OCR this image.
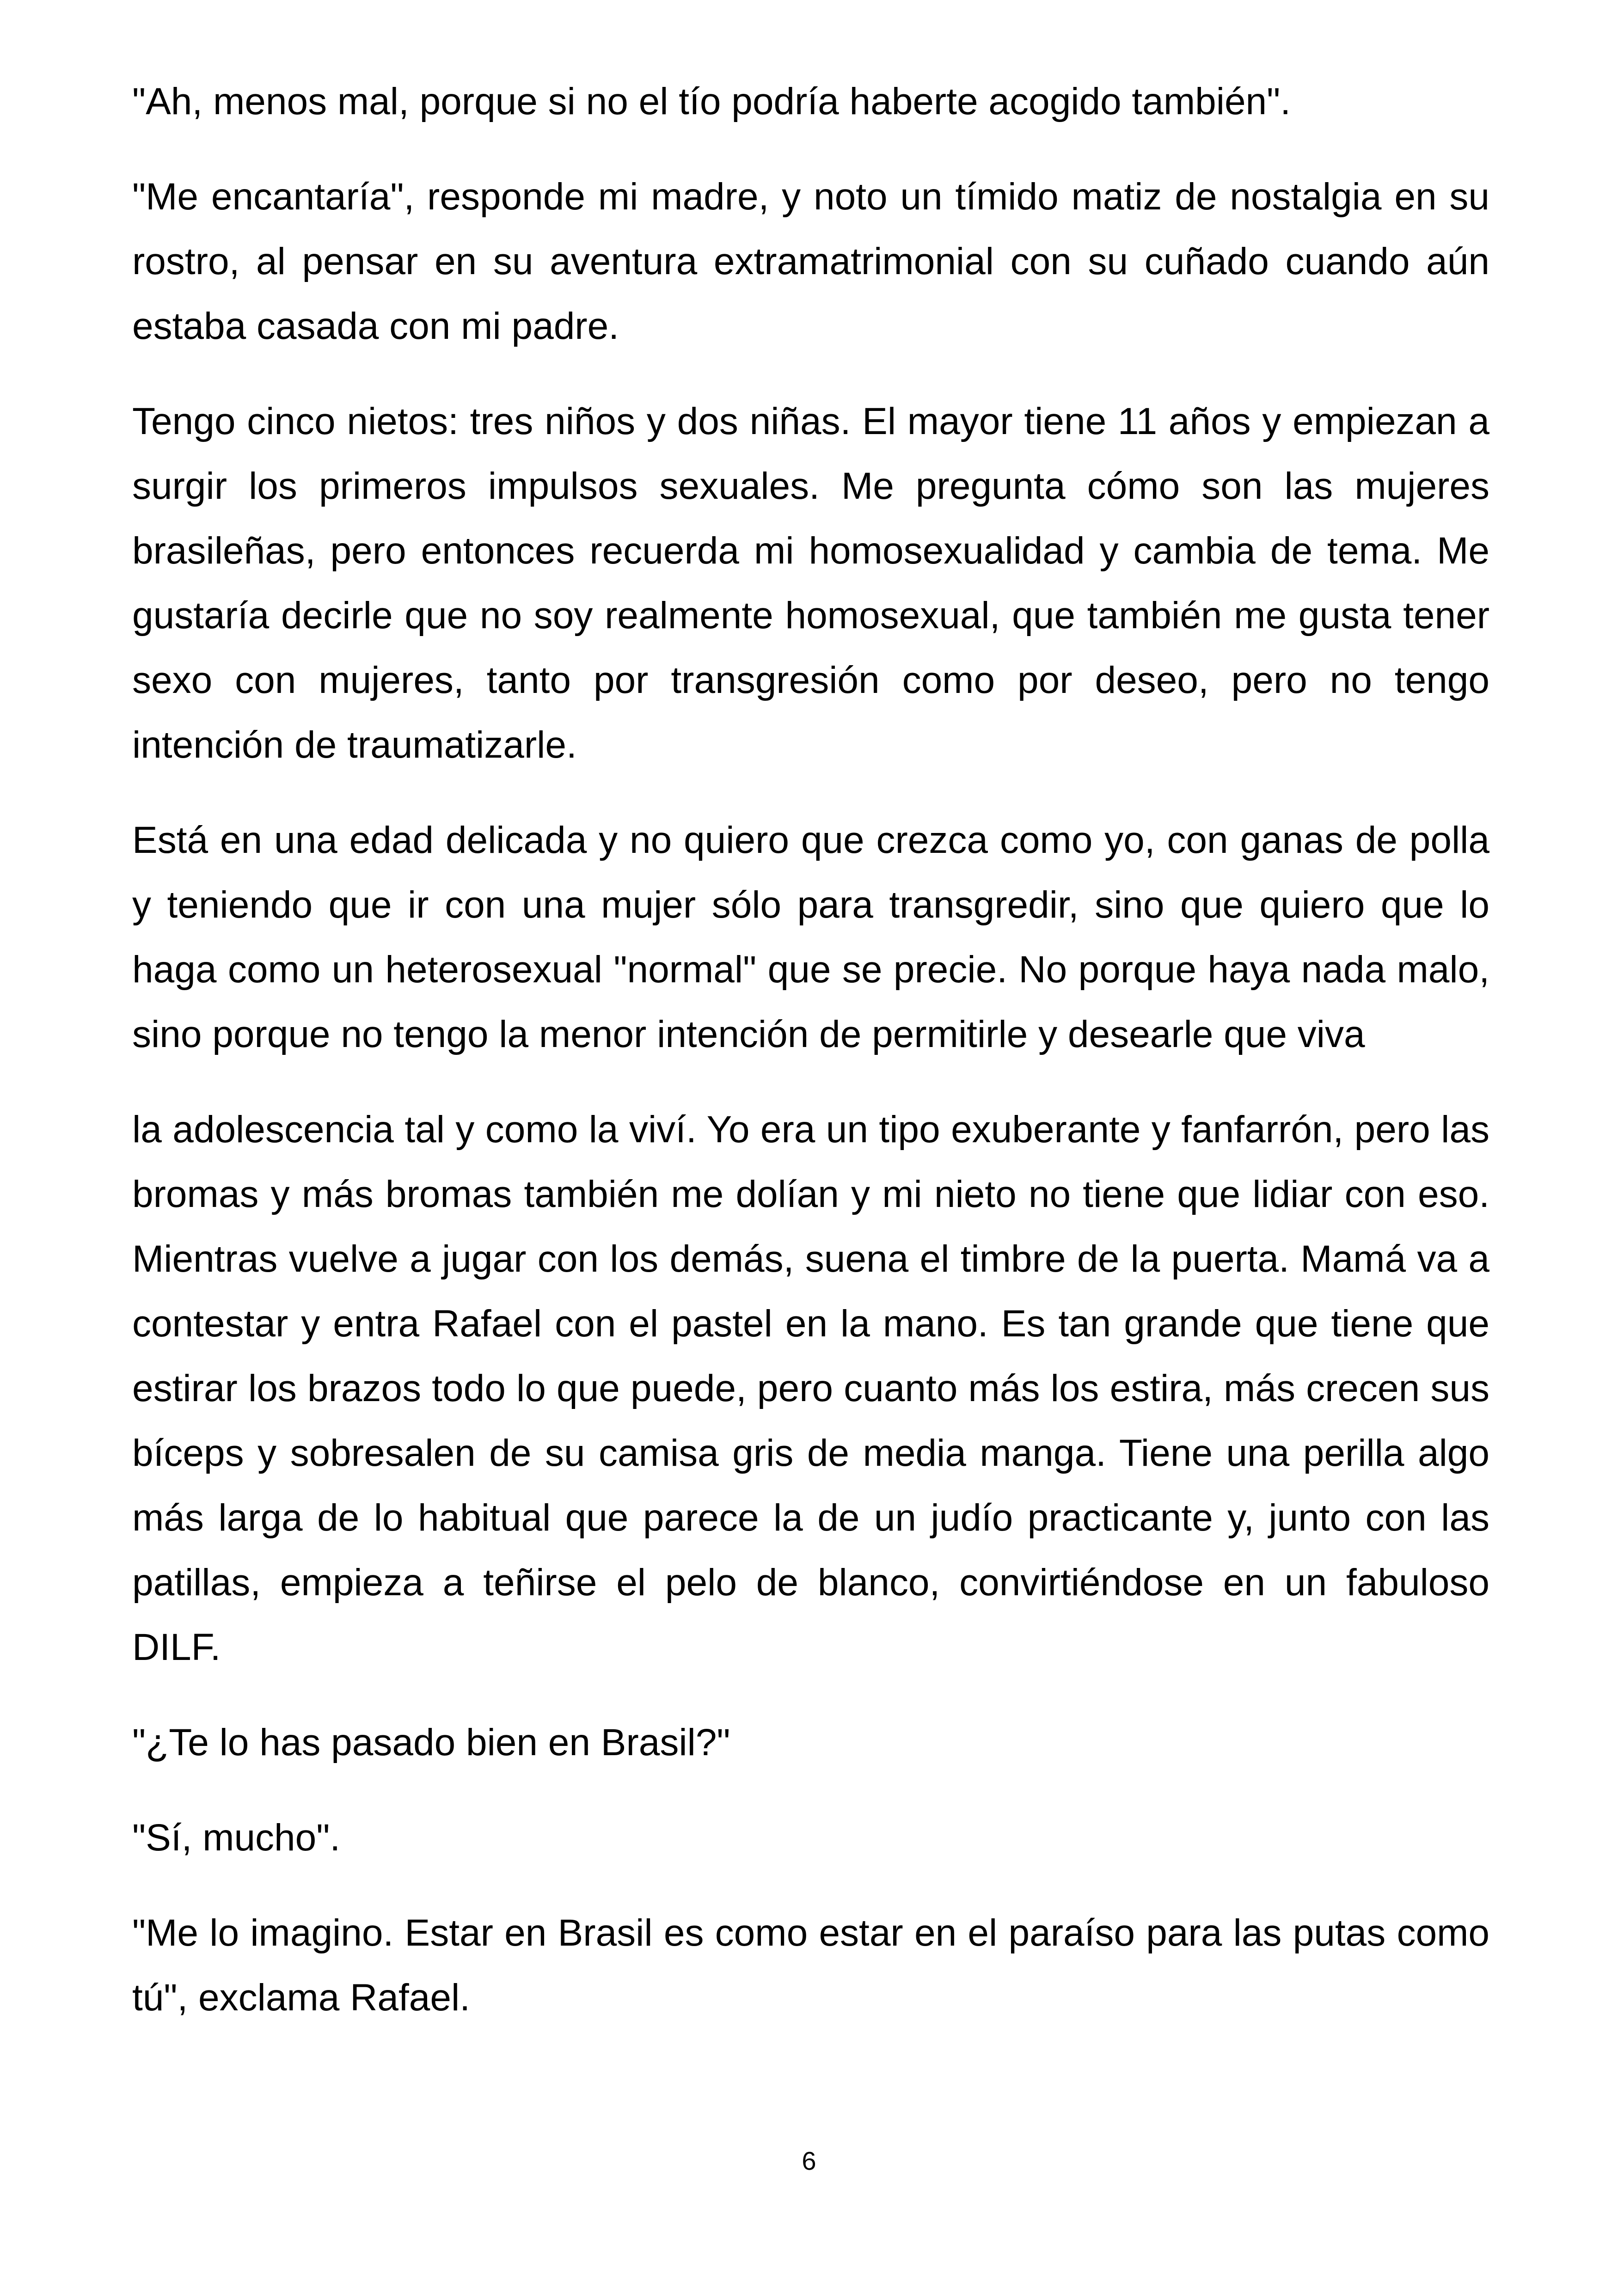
"Ah, menos mal, porque si no el tío podría haberte acogido también".

"Me encantaría", responde mi madre, y noto un tímido matiz de nostalgia en su rostro, al pensar en su aventura extramatrimonial con su cuñado cuando aún estaba casada con mi padre.

Tengo cinco nietos: tres niños y dos niñas. El mayor tiene 11 años y empiezan a surgir los primeros impulsos sexuales. Me pregunta cómo son las mujeres brasileñas, pero entonces recuerda mi homosexualidad y cambia de tema. Me gustaría decirle que no soy realmente homosexual, que también me gusta tener sexo con mujeres, tanto por transgresión como por deseo, pero no tengo intención de traumatizarle.

Está en una edad delicada y no quiero que crezca como yo, con ganas de polla y teniendo que ir con una mujer sólo para transgredir, sino que quiero que lo haga como un heterosexual "normal" que se precie. No porque haya nada malo, sino porque no tengo la menor intención de permitirle y desearle que viva

la adolescencia tal y como la viví. Yo era un tipo exuberante y fanfarrón, pero las bromas y más bromas también me dolían y mi nieto no tiene que lidiar con eso. Mientras vuelve a jugar con los demás, suena el timbre de la puerta. Mamá va a contestar y entra Rafael con el pastel en la mano. Es tan grande que tiene que estirar los brazos todo lo que puede, pero cuanto más los estira, más crecen sus bíceps y sobresalen de su camisa gris de media manga. Tiene una perilla algo más larga de lo habitual que parece la de un judío practicante y, junto con las patillas, empieza a teñirse el pelo de blanco, convirtiéndose en un fabuloso DILF.

"¿Te lo has pasado bien en Brasil?"

"Sí, mucho".

"Me lo imagino. Estar en Brasil es como estar en el paraíso para las putas como tú", exclama Rafael.

6
